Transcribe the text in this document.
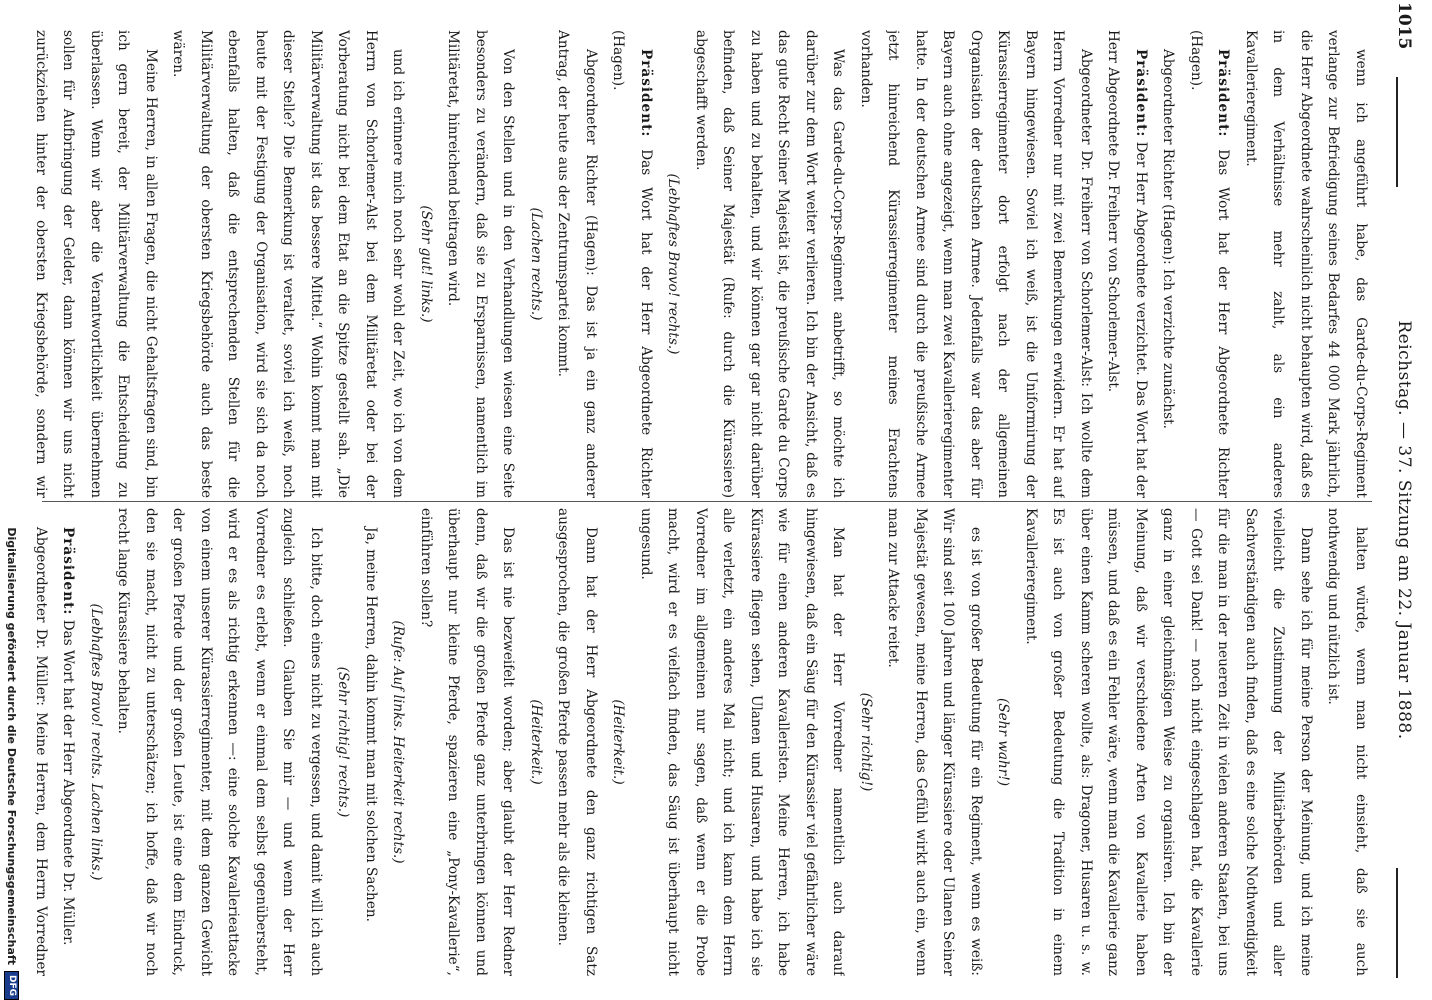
1015
Reichstag. — 37. Sitzung am 22. Januar 1888.

wenn ich angeführt habe, das Garde-du-Corps-Regiment verlange zur Befriedigung seines Bedarfes 44 000 Mark jährlich, die Herr Abgeordnete wahrscheinlich nicht behaupten wird, daß es in dem Verhältnisse mehr zahlt, als ein anderes Kavallerieregiment.

Präsident: Das Wort hat der Herr Abgeordnete Richter (Hagen).

Abgeordneter Richter (Hagen): Ich verzichte zunächst.

Präsident: Der Herr Abgeordnete verzichtet. Das Wort hat der Herr Abgeordnete Dr. Freiherr von Schorlemer-Alst.

Abgeordneter Dr. Freiherr von Schorlemer-Alst: Ich wollte dem Herrn Vorredner nur mit zwei Bemerkungen erwidern. Er hat auf Bayern hingewiesen. Soviel ich weiß, ist die Uniformirung der Kürassierregimenter dort erfolgt nach der allgemeinen Organisation der deutschen Armee. Jedenfalls war das aber für Bayern auch ohne angezeigt, wenn man zwei Kavallerieregimenter hatte. In der deutschen Armee sind durch die preußische Armee jetzt hinreichend Kürassierregimenter meines Erachtens vorhanden.

Was das Garde-du-Corps-Regiment anbetrifft, so möchte ich darüber zur dem Wort weiter verlieren. Ich bin der Ansicht, daß es das gute Recht Seiner Majestät ist, die preußische Garde du Corps zu haben und zu behalten, und wir können gar gar nicht darüber befinden, daß Seiner Majestät (Rufe: durch die Kürassiere) abgeschafft werden.

(Lebhaftes Bravo! rechts.)

Präsident: Das Wort hat der Herr Abgeordnete Richter (Hagen).

Abgeordneter Richter (Hagen): Das ist ja ein ganz anderer Antrag, der heute aus der Zentrumspartei kommt.

(Lachen rechts.)

Von den Stellen und in den Verhandlungen wiesen eine Seite besonders zu verändern, daß sie zu Ersparnissen, namentlich im Militäretat, hinreichend beitragen wird.

(Sehr gut! links.)

und ich erinnere mich noch sehr wohl der Zeit, wo ich von dem Herrn von Schorlemer-Alst bei dem Militäretat oder bei der Vorberatung nicht bei dem Etat an die Spitze gestellt sah. „Die Militärverwaltung ist das bessere Mittel.“ Wohin kommt man mit dieser Stelle? Die Bemerkung ist veraltet, soviel ich weiß, noch heute mit der Festigung der Organisation, wird sie sich da noch ebenfalls halten, daß die entsprechenden Stellen für die Militärverwaltung der obersten Kriegsbehörde auch das beste wären.

Meine Herren, in allen Fragen, die nicht Gehaltsfragen sind, bin ich gern bereit, der Militärverwaltung die Entscheidung zu überlassen. Wenn wir aber die Verantwortlichkeit übernehmen sollen für Aufbringung der Gelder, dann können wir uns nicht zurückziehen hinter der obersten Kriegsbehörde, sondern wir

halten würde, wenn man nicht einsieht, daß sie auch nothwendig und nützlich ist.

Dann sehe ich für meine Person der Meinung, und ich meine vielleicht die Zustimmung der Militärbehörden und aller Sachverständigen auch finden, daß es eine solche Nothwendigkeit für die man in der neueren Zeit in vielen anderen Staaten, bei uns — Gott sei Dank! — noch nicht eingeschlagen hat, die Kavallerie ganz in einer gleichmäßigen Weise zu organisiren. Ich bin der Meinung, daß wir verschiedene Arten von Kavallerie haben müssen, und daß es ein Fehler wäre, wenn man die Kavallerie ganz über einen Kamm scheren wollte, als: Dragoner, Husaren u. s. w. Es ist auch von großer Bedeutung die Tradition in einem Kavallerieregiment.

(Sehr wahr!)

es ist von großer Bedeutung für ein Regiment, wenn es weiß: Wir sind seit 100 Jahren und länger Kürassiere oder Ulanen Seiner Majestät gewesen, meine Herren, das Gefühl wirkt auch ein, wenn man zur Attacke reitet.

(Sehr richtig!)

Man hat der Herr Vorredner namentlich auch darauf hingewiesen, daß ein Säug für den Kürassier viel gefährlicher wäre wie für einen anderen Kavalleristen. Meine Herren, ich habe Kürassiere fliegen sehen, Ulanen und Husaren, und habe ich sie alle verletzt, ein anderes Mal nicht; und ich kann dem Herrn Vorredner im allgemeinen nur sagen, daß wenn er die Probe macht, wird er es vielfach finden, das Säug ist überhaupt nicht ungesund.

(Heiterkeit.)

Dann hat der Herr Abgeordnete den ganz richtigen Satz ausgesprochen, die großen Pferde passen mehr als die kleinen.

(Heiterkeit.)

Das ist nie bezweifelt worden; aber glaubt der Herr Redner denn, daß wir die großen Pferde ganz unterbringen können und überhaupt nur kleine Pferde, spazieren eine „Pony-Kavallerie“, einführen sollen?

(Rufe: Auf links. Heiterkeit rechts.)

Ja, meine Herren, dahin kommt man mit solchen Sachen.

(Sehr richtig! rechts.)

Ich bitte, doch eines nicht zu vergessen, und damit will ich auch zugleich schließen. Glauben Sie mir — und wenn der Herr Vorredner es erlebt, wenn er einmal dem selbst gegenübersteht, wird er es als richtig erkennen —: eine solche Kavallerieattacke von einem unserer Kürassierregimenter, mit dem ganzen Gewicht der großen Pferde und der großen Leute, ist eine dem Eindruck, den sie macht, nicht zu unterschätzen; ich hoffe, daß wir noch recht lange Kürassiere behalten.

(Lebhaftes Bravo! rechts. Lachen links.)

Präsident: Das Wort hat der Herr Abgeordnete Dr. Müller.

Abgeordneter Dr. Müller: Meine Herren, dem Herrn Vorredner

Digitalisierung gefördert durch die Deutsche Forschungsgemeinschaft
DFG
